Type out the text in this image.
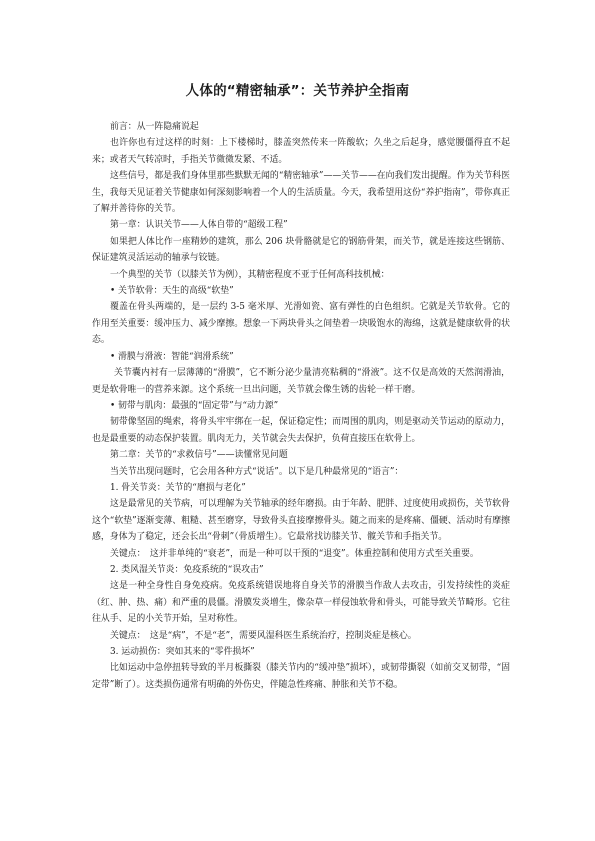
人体的“精密轴承”：关节养护全指南

前言：从一阵隐痛说起

也许你也有过这样的时刻：上下楼梯时，膝盖突然传来一阵酸软；久坐之后起身，感觉腰僵得直不起来；或者天气转凉时，手指关节微微发紧、不适。

这些信号，都是我们身体里那些默默无闻的“精密轴承”——关节——在向我们发出提醒。作为关节科医生，我每天见证着关节健康如何深刻影响着一个人的生活质量。今天，我希望用这份“养护指南”，带你真正了解并善待你的关节。

第一章：认识关节——人体自带的“超级工程”

如果把人体比作一座精妙的建筑，那么 206 块骨骼就是它的钢筋骨架，而关节，就是连接这些钢筋、保证建筑灵活运动的轴承与铰链。

一个典型的关节（以膝关节为例），其精密程度不亚于任何高科技机械：

• 关节软骨：天生的高级“软垫”

覆盖在骨头两端的，是一层约 3-5 毫米厚、光滑如瓷、富有弹性的白色组织。它就是关节软骨。它的作用至关重要：缓冲压力、减少摩擦。想象一下两块骨头之间垫着一块吸饱水的海绵，这就是健康软骨的状态。

• 滑膜与滑液：智能“润滑系统”

关节囊内衬有一层薄薄的“滑膜”，它不断分泌少量清亮粘稠的“滑液”。这不仅是高效的天然润滑油，更是软骨唯一的营养来源。这个系统一旦出问题，关节就会像生锈的齿轮一样干磨。

• 韧带与肌肉：最强的“固定带”与“动力源”

韧带像坚固的绳索，将骨头牢牢绑在一起，保证稳定性；而周围的肌肉，则是驱动关节运动的原动力，也是最重要的动态保护装置。肌肉无力，关节就会失去保护，负荷直接压在软骨上。

第二章：关节的“求救信号”——读懂常见问题

当关节出现问题时，它会用各种方式“说话”。以下是几种最常见的“语言”：

1. 骨关节炎：关节的“磨损与老化”

这是最常见的关节病，可以理解为关节轴承的经年磨损。由于年龄、肥胖、过度使用或损伤，关节软骨这个“软垫”逐渐变薄、粗糙、甚至磨穿，导致骨头直接摩擦骨头。随之而来的是疼痛、僵硬、活动时有摩擦感，身体为了稳定，还会长出“骨刺”（骨质增生）。它最常找访膝关节、髋关节和手指关节。

关键点：　这并非单纯的“衰老”，而是一种可以干预的“退变”。体重控制和使用方式至关重要。

2. 类风湿关节炎：免疫系统的“误攻击”

这是一种全身性自身免疫病。免疫系统错误地将自身关节的滑膜当作敌人去攻击，引发持续性的炎症（红、肿、热、痛）和严重的晨僵。滑膜发炎增生，像杂草一样侵蚀软骨和骨头，可能导致关节畸形。它往往从手、足的小关节开始，呈对称性。

关键点：　这是“病”，不是“老”，需要风湿科医生系统治疗，控制炎症是核心。

3. 运动损伤：突如其来的“零件损坏”

比如运动中急停扭转导致的半月板撕裂（膝关节内的“缓冲垫”损坏），或韧带撕裂（如前交叉韧带，“固定带”断了）。这类损伤通常有明确的外伤史，伴随急性疼痛、肿胀和关节不稳。
